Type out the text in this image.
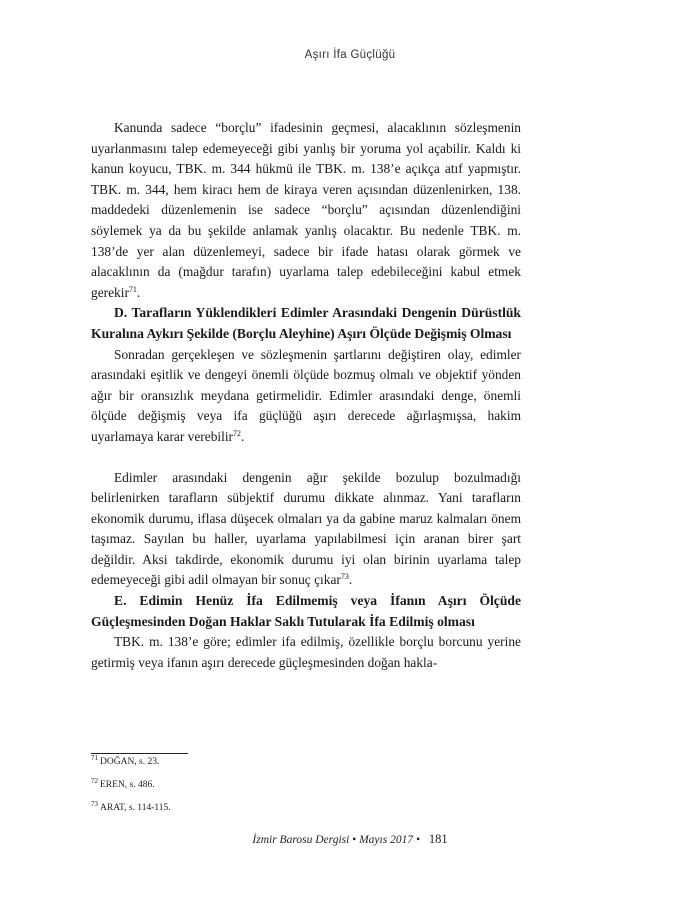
Aşırı İfa Güçlüğü

Kanunda sadece “borçlu” ifadesinin geçmesi, alacaklının sözleşmenin uyarlanmasını talep edemeyeceği gibi yanlış bir yoruma yol açabilir. Kaldı ki kanun koyucu, TBK. m. 344 hükmü ile TBK. m. 138’e açıkça atıf yapmıştır. TBK. m. 344, hem kiracı hem de kiraya veren açısından düzenlenirken, 138. maddedeki düzenlemenin ise sadece “borçlu” açısından düzenlendiğini söylemek ya da bu şekilde anlamak yanlış olacaktır. Bu nedenle TBK. m. 138’de yer alan düzenlemeyi, sadece bir ifade hatası olarak görmek ve alacaklının da (mağdur tarafın) uyarlama talep edebileceğini kabul etmek gerekir$^{71}$.

D. Tarafların Yüklendikleri Edimler Arasındaki Dengenin Dürüstlük Kuralına Aykırı Şekilde (Borçlu Aleyhine) Aşırı Ölçüde Değişmiş Olması

Sonradan gerçekleşen ve sözleşmenin şartlarını değiştiren olay, edimler arasındaki eşitlik ve dengeyi önemli ölçüde bozmuş olmalı ve objektif yönden ağır bir oransızlık meydana getirmelidir. Edimler arasındaki denge, önemli ölçüde değişmiş veya ifa güçlüğü aşırı derecede ağırlaşmışsa, hakim uyarlamaya karar verebilir$^{72}$.

Edimler arasındaki dengenin ağır şekilde bozulup bozulmadığı belirlenirken tarafların sübjektif durumu dikkate alınmaz. Yani tarafların ekonomik durumu, iflasa düşecek olmaları ya da gabine maruz kalmaları önem taşımaz. Sayılan bu haller, uyarlama yapılabilmesi için aranan birer şart değildir. Aksi takdirde, ekonomik durumu iyi olan birinin uyarlama talep edemeyeceği gibi adil olmayan bir sonuç çıkar$^{73}$.

E. Edimin Henüz İfa Edilmemiş veya İfanın Aşırı Ölçüde Güçleşmesinden Doğan Haklar Saklı Tutularak İfa Edilmiş olması

TBK. m. 138’e göre; edimler ifa edilmiş, özellikle borçlu borcunu yerine getirmiş veya ifanın aşırı derecede güçleşmesinden doğan hakla-

$^{71}$ DOĞAN, s. 23.
$^{72}$ EREN, s. 486.
$^{73}$ ARAT, s. 114-115.
İzmir Barosu Dergisi • Mayıs 2017 • 181
